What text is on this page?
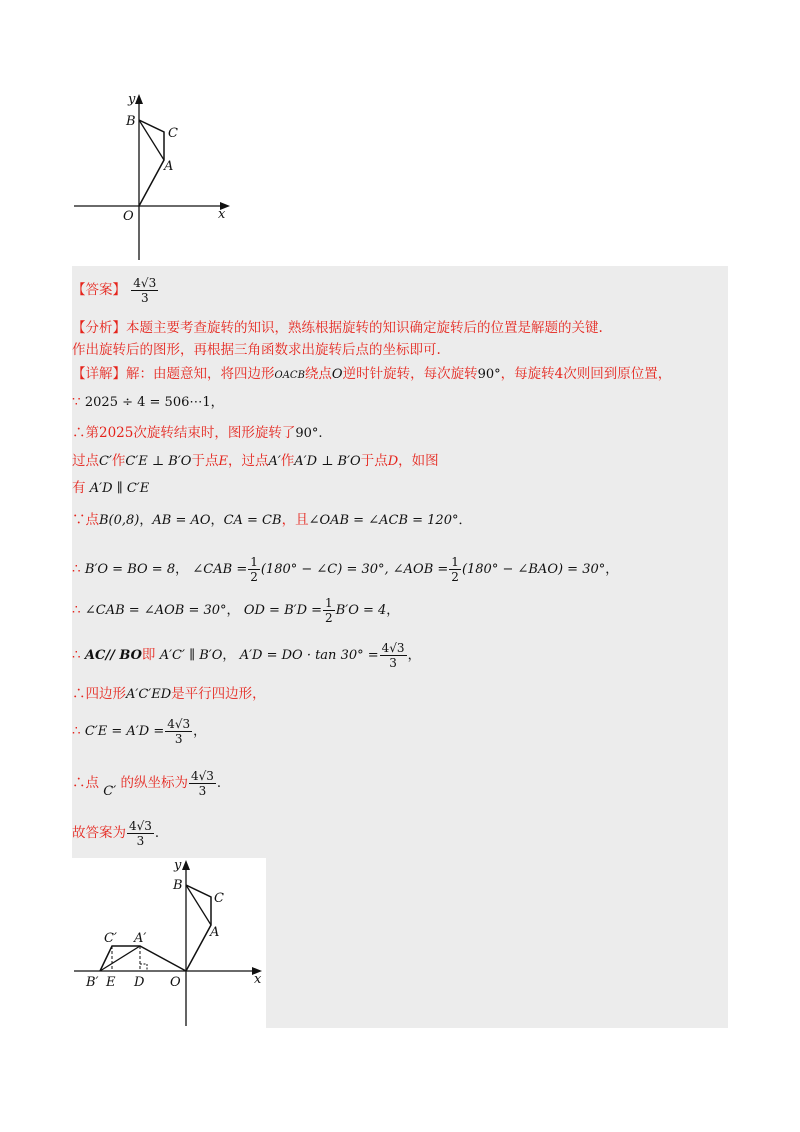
y
x
O
B
C
A
【答案】 $\frac{4√3}{3}$
【分析】本题主要考查旋转的知识，熟练根据旋转的知识确定旋转后的位置是解题的关键.
作出旋转后的图形，再根据三角函数求出旋转后点的坐标即可.
【详解】解：由题意知，将四边形OACB绕点O逆时针旋转，每次旋转90°，每旋转4次则回到原位置，
∵ 2025 ÷ 4 = 506⋯1，
∴第2025次旋转结束时，图形旋转了90°.
过点C′作C′E ⊥ B′O于点E，过点A′作A′D ⊥ B′O于点D，如图
有 A′D ∥ C′E
∵点B(0,8)，AB = AO，CA = CB，且∠OAB = ∠ACB = 120°．
∴ B′O = BO = 8， ∠CAB = $\frac{1}{2} (180^\circ$ − ∠C) = 30°, ∠AOB = $\frac{1}{2} (180^\circ$ − ∠BAO) = 30°，
∴ ∠CAB = ∠AOB = 30°， OD = $B'D = \frac{1}{2} B'O = 4$，
∴ AC// BO即 A′C′ ∥ B′O， A′D = DO · $\tan 30^\circ = \frac{4√3}{3}$ ，
∴四边形A′C′ED是平行四边形，
∴ $C'E = A'D = \frac{4√3}{3}$ ，
∴点 C′ 的纵坐标为 $\frac{4√3}{3}$ .
故答案为 $\frac{4√3}{3}$ .
y
x
O
B
C
A
C′ A′
B′ E D
